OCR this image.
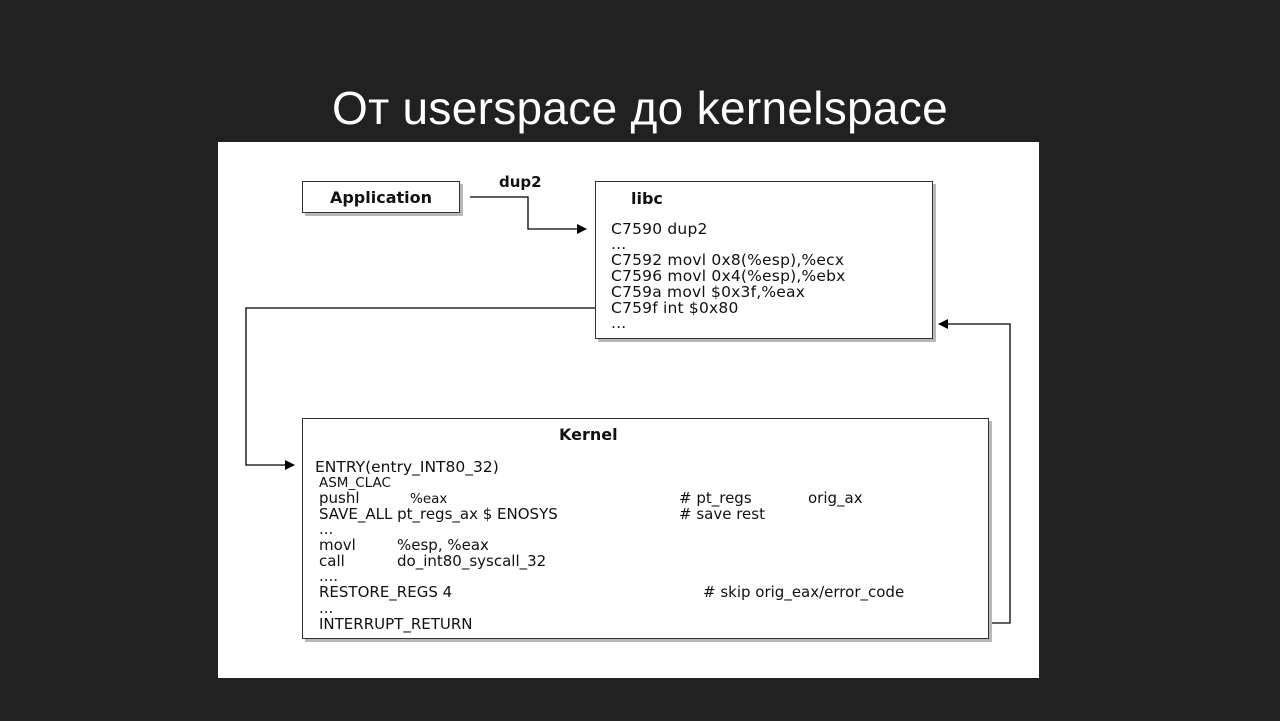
От userspace до kernelspace
Application
dup2
libc
C7590 dup2
...
C7592 movl 0x8(%esp),%ecx
C7596 movl 0x4(%esp),%ebx
C759a movl $0x3f,%eax
C759f int $0x80
...
Kernel
ENTRY(entry_INT80_32)
ASM_CLAC
pushl	%eax	# pt_regs	orig_ax
SAVE_ALL pt_regs_ax $ ENOSYS	# save rest
...
movl	%esp, %eax
call	do_int80_syscall_32
....
RESTORE_REGS 4	# skip orig_eax/error_code
...
INTERRUPT_RETURN
